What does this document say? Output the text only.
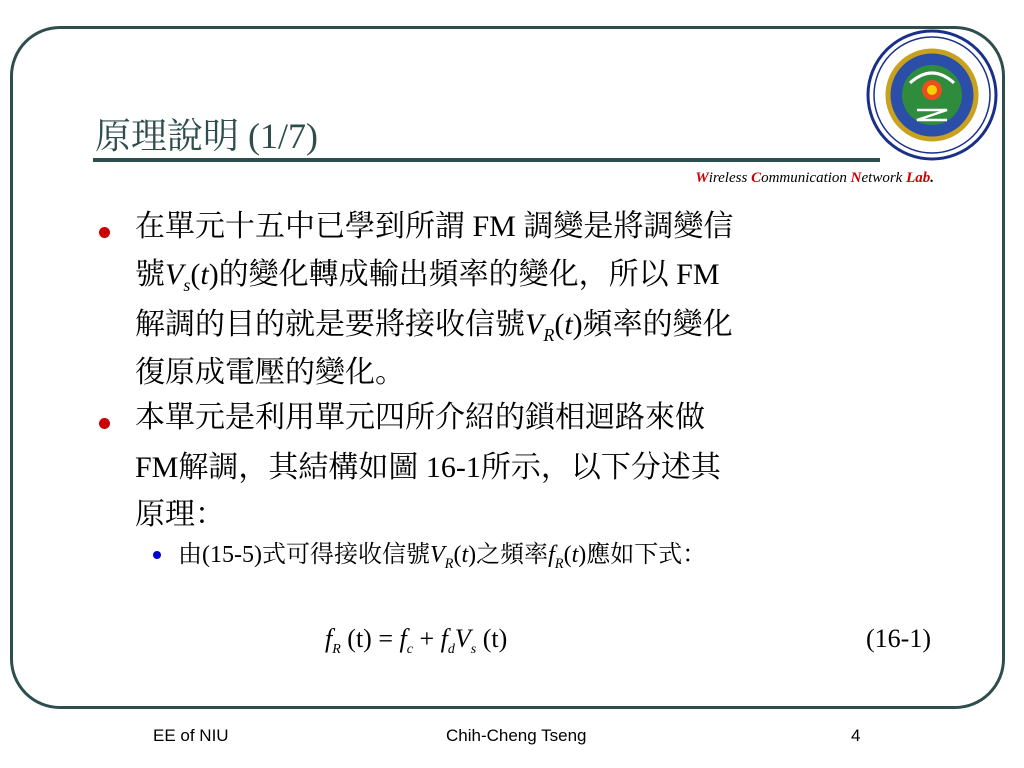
原理說明 (1/7)
Wireless Communication Network Lab.
在單元十五中已學到所謂 FM 調變是將調變信
號$V_s(t)$的變化轉成輸出頻率的變化，所以 FM
解調的目的就是要將接收信號$V_R(t)$頻率的變化
復原成電壓的變化。
本單元是利用單元四所介紹的鎖相迴路來做
FM解調，其結構如圖 16-1所示，以下分述其
原理：
由(15-5)式可得接收信號$V_R(t)$之頻率$f_R(t)$應如下式：
$f_R$ $(t) = f_c + f_dV_s$ (t)	(16-1)
EE of NIU	Chih-Cheng Tseng	4
